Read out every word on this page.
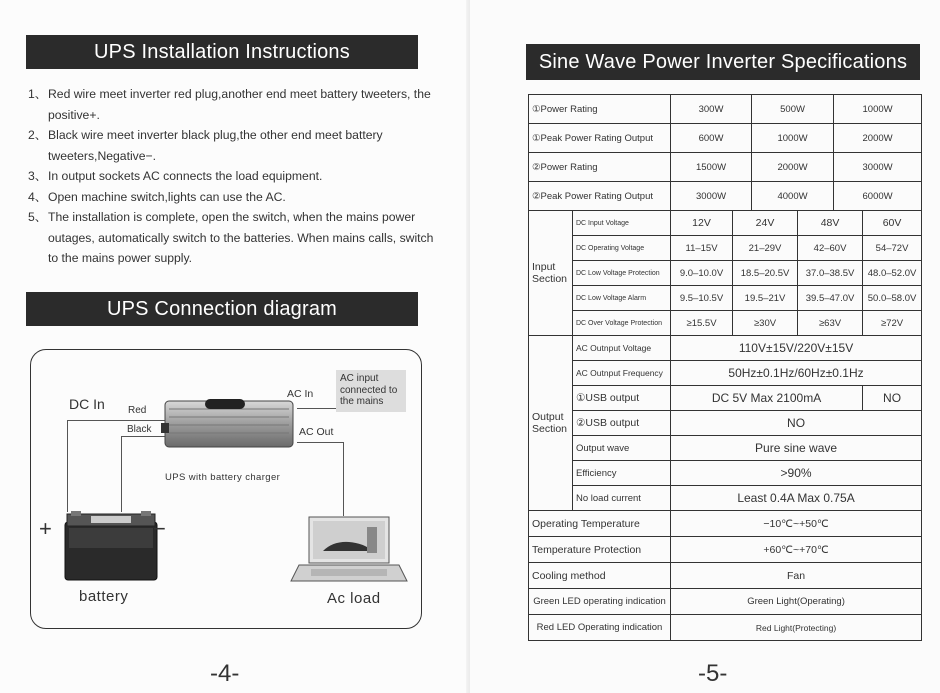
UPS Installation Instructions
1、 Red wire meet inverter red plug,another end meet battery tweeters, the positive+.
2、 Black wire meet inverter black plug,the other end meet battery tweeters,Negative−.
3、 In output sockets AC connects the load equipment.
4、 Open machine switch,lights can use the AC.
5、 The installation is complete, open the switch, when the mains power outages, automatically switch to the batteries. When mains calls, switch to the mains power supply.
UPS Connection diagram
DC In Red
Black
AC In
AC Out
AC input connected to the mains
UPS with battery charger
+	−
battery	Ac load
-4-
Sine Wave Power Inverter Specifications
-5-
①Power Rating		300W		500W		1000W	
①Peak Power Rating Output		600W		1000W		2000W	
②Power Rating		1500W		2000W		3000W	
②Peak Power Rating Output		3000W		4000W		6000W	
Input Section	DC Input Voltage	12V	24V		48V		60V
	DC Operating Voltage	11–15V	21–29V		42–60V		54–72V
	DC Low Voltage Protection	9.0–10.0V	18.5–20.5V		37.0–38.5V		48.0–52.0V
	DC Low Voltage Alarm	9.5–10.5V	19.5–21V		39.5–47.0V		50.0–58.0V
	DC Over Voltage Protection	≥15.5V	≥30V		≥63V		≥72V
Output Section	AC Outnput Voltage	110V±15V/220V±15V					
	AC Outnput Frequency	50Hz±0.1Hz/60Hz±0.1Hz					
	①USB output	DC 5V Max 2100mA					NO
	②USB output	NO					
	Output wave	Pure sine wave					
	Efficiency	>90%					
	No load current	Least 0.4A Max 0.75A					
Operating Temperature		−10℃~+50℃					
Temperature Protection		+60℃~+70℃					
Cooling method		Fan					
Green LED operating indication		Green Light(Operating)					
Red LED Operating indication		Red Light(Protecting)					
